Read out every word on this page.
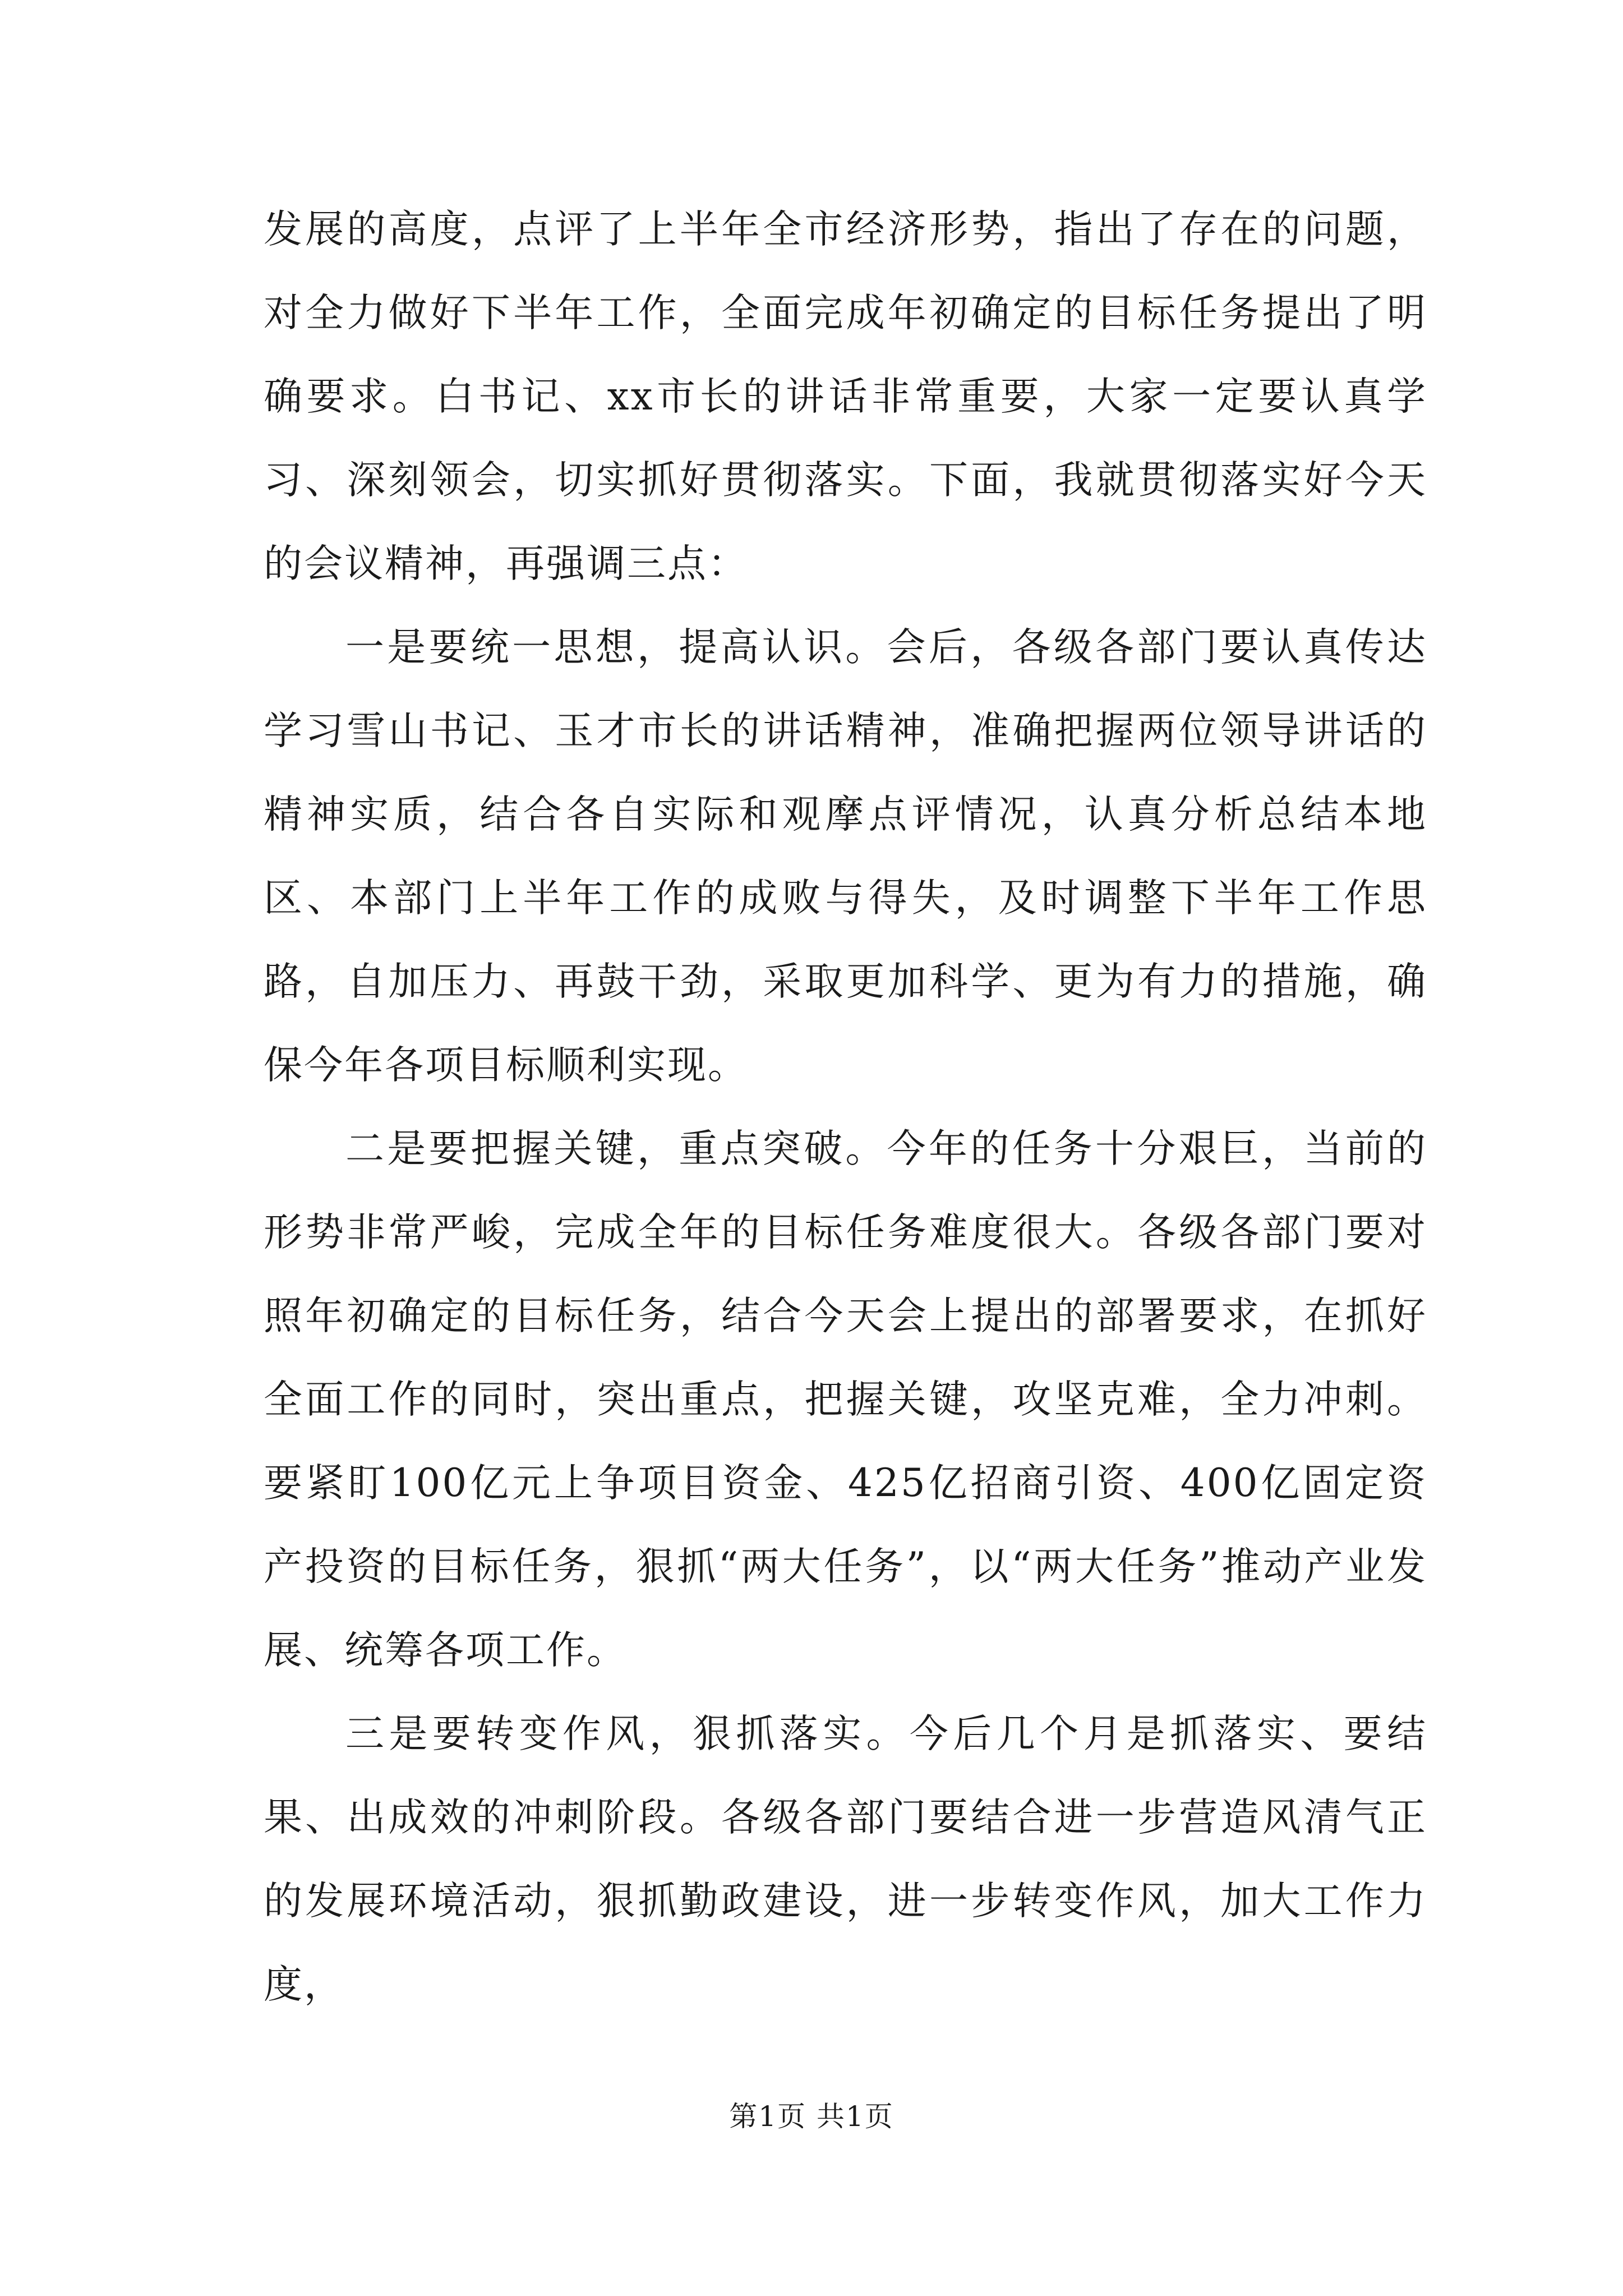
发展的高度，点评了上半年全市经济形势，指出了存在的问题，对全力做好下半年工作，全面完成年初确定的目标任务提出了明确要求。白书记、xx市长的讲话非常重要，大家一定要认真学习、深刻领会，切实抓好贯彻落实。下面，我就贯彻落实好今天的会议精神，再强调三点：

一是要统一思想，提高认识。会后，各级各部门要认真传达学习雪山书记、玉才市长的讲话精神，准确把握两位领导讲话的精神实质，结合各自实际和观摩点评情况，认真分析总结本地区、本部门上半年工作的成败与得失，及时调整下半年工作思路，自加压力、再鼓干劲，采取更加科学、更为有力的措施，确保今年各项目标顺利实现。

二是要把握关键，重点突破。今年的任务十分艰巨，当前的形势非常严峻，完成全年的目标任务难度很大。各级各部门要对照年初确定的目标任务，结合今天会上提出的部署要求，在抓好全面工作的同时，突出重点，把握关键，攻坚克难，全力冲刺。要紧盯100亿元上争项目资金、425亿招商引资、400亿固定资产投资的目标任务，狠抓“两大任务”，以“两大任务”推动产业发展、统筹各项工作。

三是要转变作风，狠抓落实。今后几个月是抓落实、要结果、出成效的冲刺阶段。各级各部门要结合进一步营造风清气正的发展环境活动，狠抓勤政建设，进一步转变作风，加大工作力度，

第1页 共1页
